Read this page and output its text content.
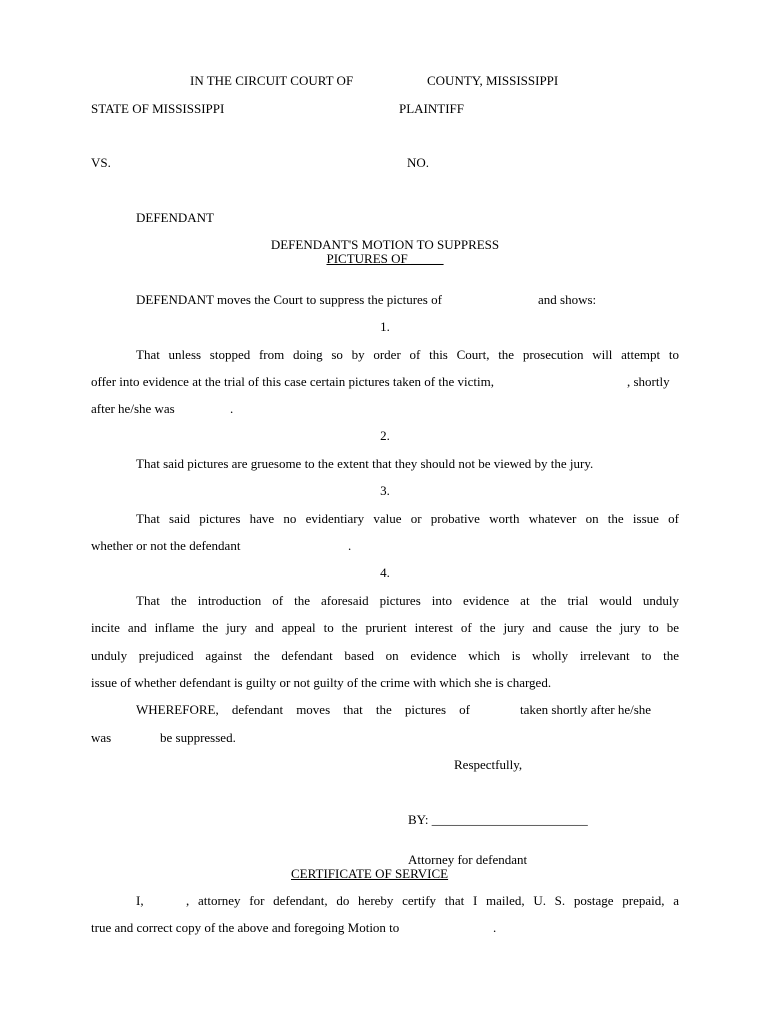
IN THE CIRCUIT COURT OF	COUNTY, MISSISSIPPI
STATE OF MISSISSIPPI	PLAINTIFF
VS.	NO.
DEFENDANT
DEFENDANT'S MOTION TO SUPPRESS
PICTURES OF _____
DEFENDANT moves the Court to suppress the pictures of	and shows:
1.
That unless stopped from doing so by order of this Court, the prosecution will attempt to
offer into evidence at the trial of this case certain pictures taken of the victim,	, shortly
after he/she was	.
2.
That said pictures are gruesome to the extent that they should not be viewed by the jury.
3.
That said pictures have no evidentiary value or probative worth whatever on the issue of
whether or not the defendant	.
4.
That the introduction of the aforesaid pictures into evidence at the trial would unduly
incite and inflame the jury and appeal to the prurient interest of the jury and cause the jury to be
unduly prejudiced against the defendant based on evidence which is wholly irrelevant to the
issue of whether defendant is guilty or not guilty of the crime with which she is charged.
WHEREFORE, defendant moves that the pictures of	taken shortly after he/she
was	be suppressed.
Respectfully,
BY: ________________________
Attorney for defendant
CERTIFICATE OF SERVICE
I,	, attorney for defendant, do hereby certify that I mailed, U. S. postage prepaid, a
true and correct copy of the above and foregoing Motion to	.
